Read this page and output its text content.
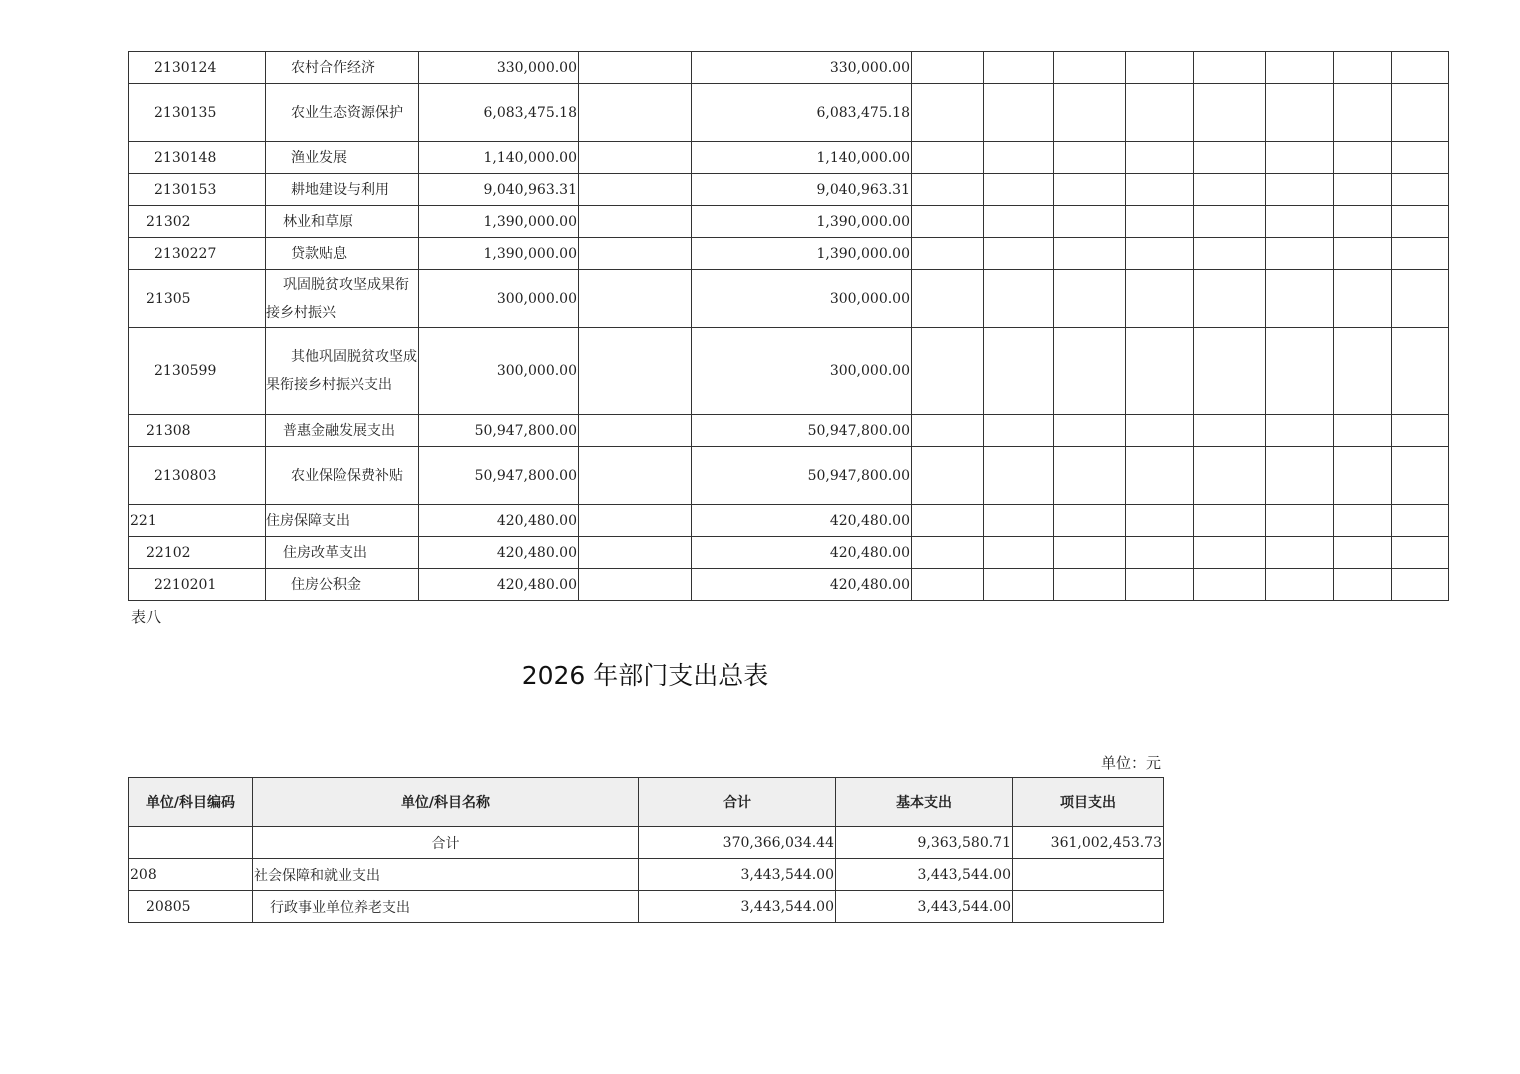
2130124	农村合作经济	330,000.00		330,000.00								
2130135	农业生态资源保护	6,083,475.18		6,083,475.18								
2130148	渔业发展	1,140,000.00		1,140,000.00								
2130153	耕地建设与利用	9,040,963.31		9,040,963.31								
21302	林业和草原	1,390,000.00		1,390,000.00								
2130227	贷款贴息	1,390,000.00		1,390,000.00								
21305	巩固脱贫攻坚成果衔接乡村振兴	300,000.00		300,000.00								
2130599	其他巩固脱贫攻坚成果衔接乡村振兴支出	300,000.00		300,000.00								
21308	普惠金融发展支出	50,947,800.00		50,947,800.00								
2130803	农业保险保费补贴	50,947,800.00		50,947,800.00								
221	住房保障支出	420,480.00		420,480.00								
22102	住房改革支出	420,480.00		420,480.00								
2210201	住房公积金	420,480.00		420,480.00								
表八
2026 年部门支出总表
单位：元
单位/科目编码	单位/科目名称	合计	基本支出	项目支出
	合计	370,366,034.44	9,363,580.71	361,002,453.73
208	社会保障和就业支出	3,443,544.00	3,443,544.00	
20805	行政事业单位养老支出	3,443,544.00	3,443,544.00	
